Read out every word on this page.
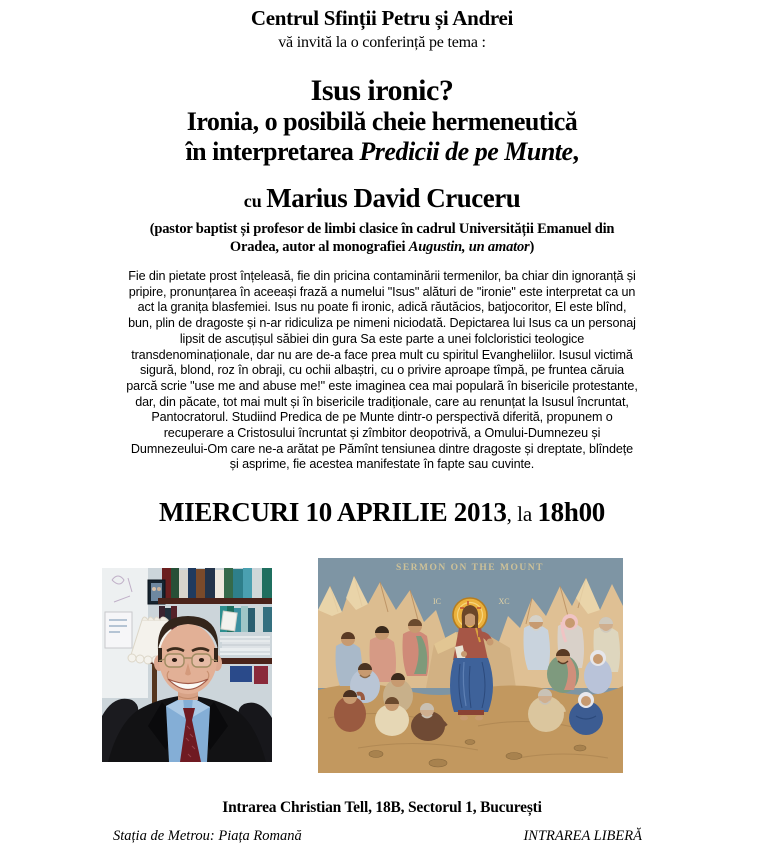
Centrul Sfinții Petru și Andrei
vă invită la o conferință pe tema :
Isus ironic?
Ironia, o posibilă cheie hermeneutică
în interpretarea Predicii de pe Munte,
cu Marius David Cruceru
(pastor baptist și profesor de limbi clasice în cadrul Universității Emanuel din
Oradea, autor al monografiei Augustin, un amator)
Fie din pietate prost înțeleasă, fie din pricina contaminării termenilor, ba chiar din ignoranță și
pripire, pronunțarea în aceeași frază a numelui "Isus" alături de "ironie" este interpretat ca un
act la granița blasfemiei. Isus nu poate fi ironic, adică răutăcios, batjocoritor, El este blînd,
bun, plin de dragoste și n-ar ridiculiza pe nimeni niciodată. Depictarea lui Isus ca un personaj
lipsit de ascuțișul săbiei din gura Sa este parte a unei folcloristici teologice
transdenominaționale, dar nu are de-a face prea mult cu spiritul Evangheliilor. Isusul victimă
sigură, blond, roz în obraji, cu ochii albaștri, cu o privire aproape tîmpă, pe fruntea căruia
parcă scrie "use me and abuse me!" este imaginea cea mai populară în bisericile protestante,
dar, din păcate, tot mai mult și în bisericile tradiționale, care au renunțat la Isusul încruntat,
Pantocratorul. Studiind Predica de pe Munte dintr-o perspectivă diferită, propunem o
recuperare a Cristosului încruntat și zîmbitor deopotrivă, a Omului-Dumnezeu și
Dumnezeului-Om care ne-a arătat pe Pămînt tensiunea dintre dragoste și dreptate, blîndețe
și asprime, fie acestea manifestate în fapte sau cuvinte.
MIERCURI 10 APRILIE 2013, la 18h00
SERMON ON THE MOUNT
IC	XC
Intrarea Christian Tell, 18B, Sectorul 1, București
Stația de Metrou: Piața Romană	INTRAREA LIBERĂ
